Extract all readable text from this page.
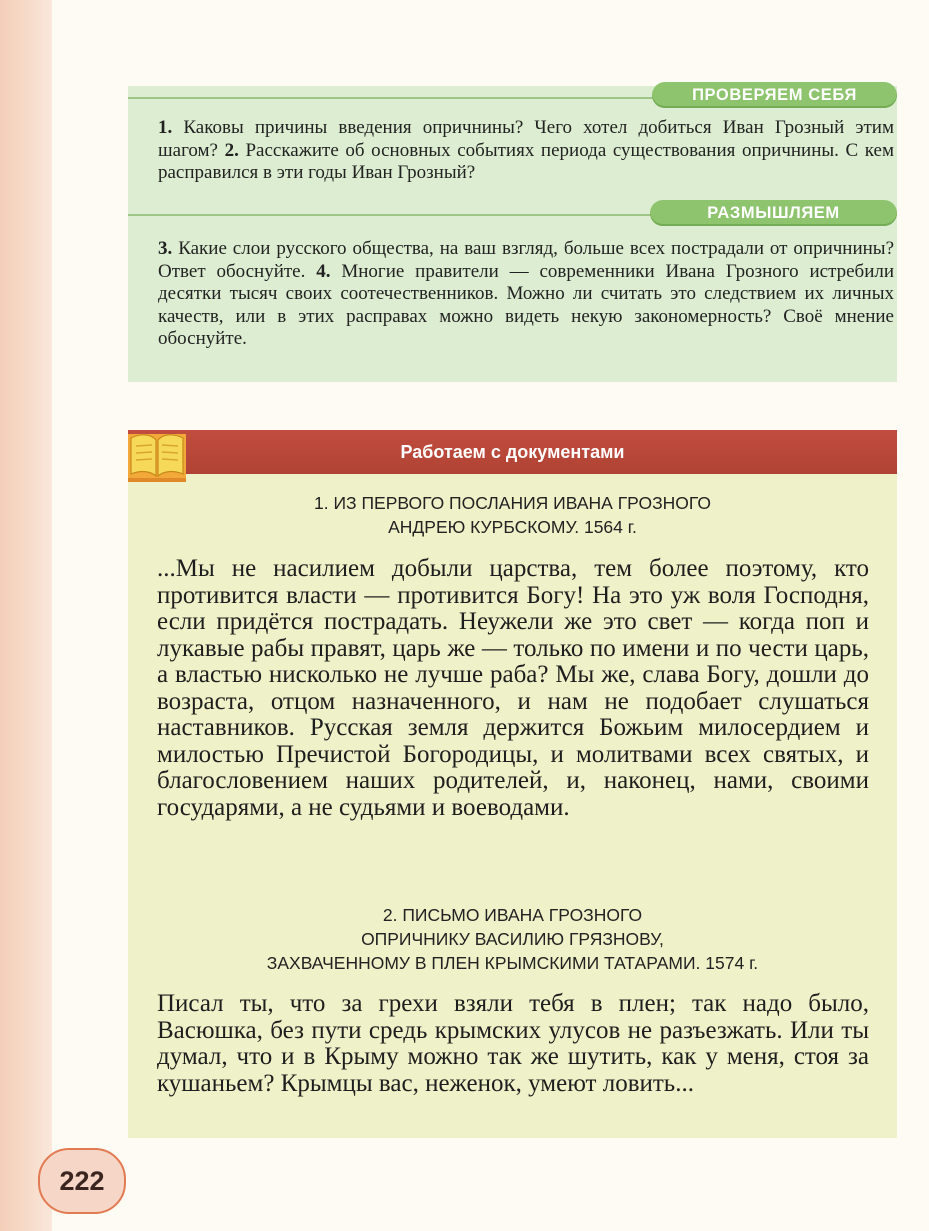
ПРОВЕРЯЕМ СЕБЯ
1. Каковы причины введения опричнины? Чего хотел добиться Иван Грозный этим шагом? 2. Расскажите об основных событиях периода существования опричнины. С кем расправился в эти годы Иван Грозный?
РАЗМЫШЛЯЕМ
3. Какие слои русского общества, на ваш взгляд, больше всех пострадали от опричнины? Ответ обоснуйте. 4. Многие правители — современники Ивана Грозного истребили десятки тысяч своих соотечественников. Можно ли считать это следствием их личных качеств, или в этих расправах можно видеть некую закономерность? Своё мнение обоснуйте.
Работаем с документами
1. ИЗ ПЕРВОГО ПОСЛАНИЯ ИВАНА ГРОЗНОГО
АНДРЕЮ КУРБСКОМУ. 1564 г.
...Мы не насилием добыли царства, тем более поэтому, кто противится власти — противится Богу! На это уж воля Господня, если придётся пострадать. Неужели же это свет — когда поп и лукавые рабы правят, царь же — только по имени и по чести царь, а властью нисколько не лучше раба? Мы же, слава Богу, дошли до возраста, отцом назначенного, и нам не подобает слушаться наставников. Русская земля держится Божьим милосердием и милостью Пречистой Богородицы, и молитвами всех святых, и благословением наших родителей, и, наконец, нами, своими государями, а не судьями и воеводами.
2. ПИСЬМО ИВАНА ГРОЗНОГО
ОПРИЧНИКУ ВАСИЛИЮ ГРЯЗНОВУ,
ЗАХВАЧЕННОМУ В ПЛЕН КРЫМСКИМИ ТАТАРАМИ. 1574 г.
Писал ты, что за грехи взяли тебя в плен; так надо было, Васюшка, без пути средь крымских улусов не разъезжать. Или ты думал, что и в Крыму можно так же шутить, как у меня, стоя за кушаньем? Крымцы вас, неженок, умеют ловить...
222
